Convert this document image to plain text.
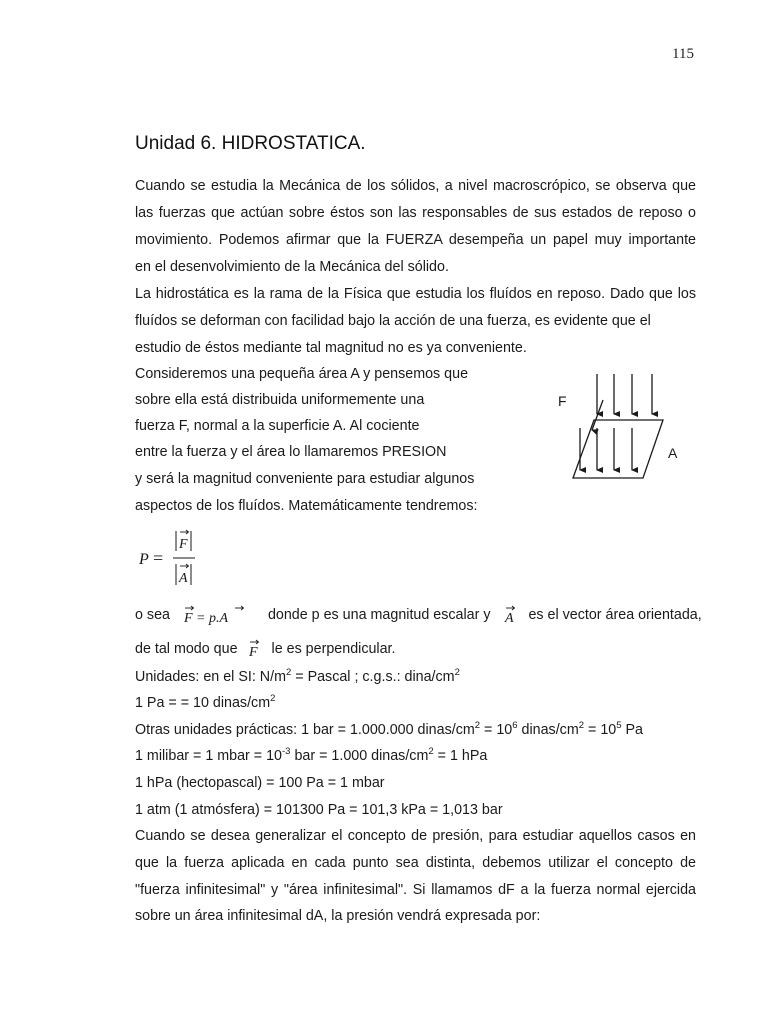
115
Unidad 6. HIDROSTATICA.
Cuando se estudia la Mecánica de los sólidos, a nivel macroscrópico, se observa que
las fuerzas que actúan sobre éstos son las responsables de sus estados de reposo o
movimiento. Podemos afirmar que la FUERZA desempeña un papel muy importante
en el desenvolvimiento de la Mecánica del sólido.
La hidrostática es la rama de la Física que estudia los fluídos en reposo. Dado que los
fluídos se deforman con facilidad bajo la acción de una fuerza, es evidente que el
estudio de éstos mediante tal magnitud no es ya conveniente.
Consideremos una pequeña área A y pensemos que
sobre ella está distribuida uniformemente una
fuerza F, normal a la superficie A. Al cociente
entre la fuerza y el área lo llamaremos PRESION
y será la magnitud conveniente para estudiar algunos
aspectos de los fluídos. Matemáticamente tendremos:
F
A
P =
F
A
o sea F = p.A	donde p es una magnitud escalar y A es el vector área orientada,
de tal modo que F le es perpendicular.
Unidades: en el SI: $N/m^2$ = Pascal ; c.g.s.: dina/$cm^2$
1 Pa = = 10 dinas/$cm^2$
Otras unidades prácticas: 1 bar = 1.000.000 dinas/$cm^2 = 10^6$ dinas/$cm^2 = 10^5$ Pa
1 milibar = 1 mbar = $10^{-3}$ bar = 1.000 dinas/$cm^2 = 1$ hPa
1 hPa (hectopascal) = 100 Pa = 1 mbar
1 atm (1 atmósfera) = 101300 Pa = 101,3 kPa = 1,013 bar
Cuando se desea generalizar el concepto de presión, para estudiar aquellos casos en
que la fuerza aplicada en cada punto sea distinta, debemos utilizar el concepto de
"fuerza infinitesimal" y "área infinitesimal". Si llamamos dF a la fuerza normal ejercida
sobre un área infinitesimal dA, la presión vendrá expresada por:
